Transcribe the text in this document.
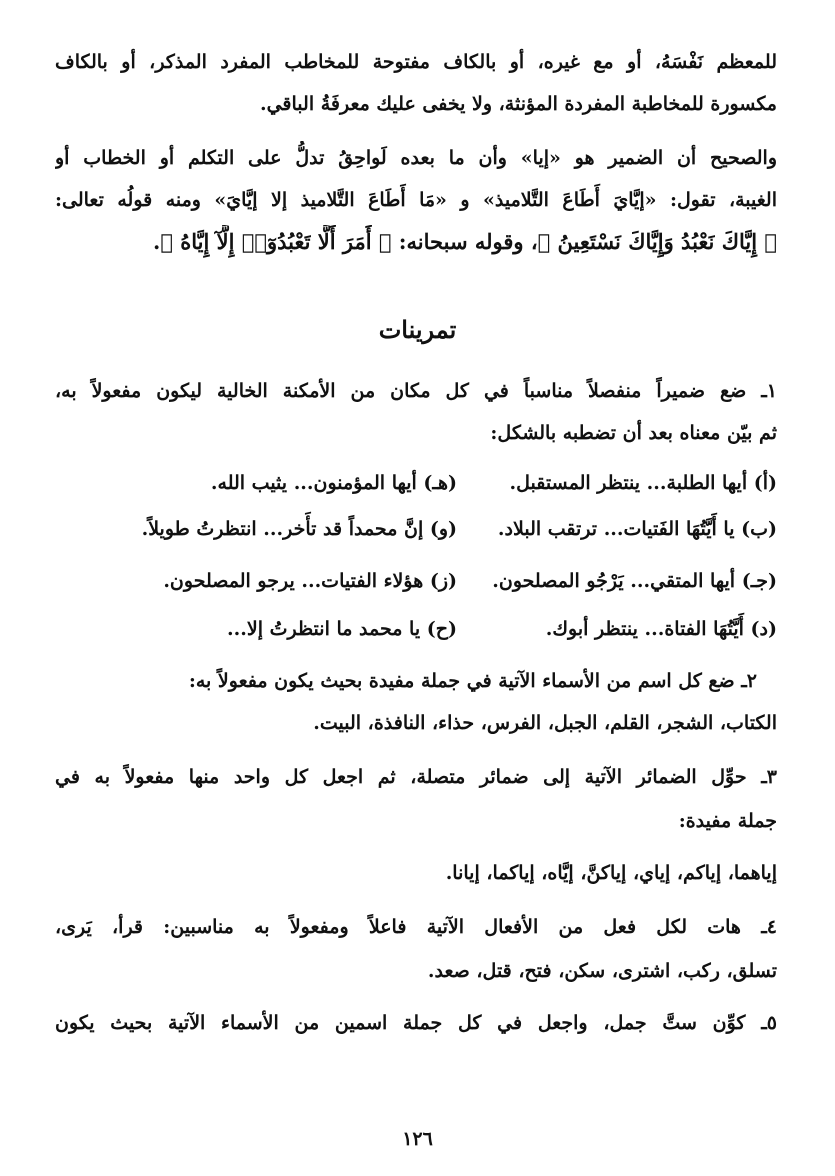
للمعظم نَفْسَهُ، أو مع غيره، أو بالكاف مفتوحة للمخاطب المفرد المذكر، أو بالكاف
مكسورة للمخاطبة المفردة المؤنثة، ولا يخفى عليك معرفَةُ الباقي.
والصحيح أن الضمير هو «إيا» وأن ما بعده لَواحِقُ تدلُّ على التكلم أو الخطاب أو
الغيبة، تقول: «إيَّايَ أَطَاعَ التَّلاميذ» و «مَا أَطَاعَ التَّلاميذ إلا إيَّايَ» ومنه قولُه تعالى:
﴿ إِيَّاكَ نَعْبُدُ وَإِيَّاكَ نَسْتَعِينُ ﴾، وقوله سبحانه: ﴿ أَمَرَ أَلَّا تَعْبُدُوٓا۟ إِلَّآ إِيَّاهُ ﴾.
تمرينات
١ـ ضع ضميراً منفصلاً مناسباً في كل مكان من الأمكنة الخالية ليكون مفعولاً به،
ثم بيّن معناه بعد أن تضطبه بالشكل:
(أ) أيها الطلبة... ينتظر المستقبل.
(هـ) أيها المؤمنون... يثيب الله.
(ب) يا أَيَّتُهَا الفَتيات... ترتقب البلاد.
(و) إنَّ محمداً قد تأَخر... انتظرتُ طويلاً.
(جـ) أيها المتقي... يَرْجُو المصلحون.
(ز) هؤلاء الفتيات... يرجو المصلحون.
(د) أَيَّتُهَا الفتاة... ينتظر أبوك.
(ح) يا محمد ما انتظرتُ إلا...
٢ـ ضع كل اسم من الأسماء الآتية في جملة مفيدة بحيث يكون مفعولاً به:
الكتاب، الشجر، القلم، الجبل، الفرس، حذاء، النافذة، البيت.
٣ـ حوِّل الضمائر الآتية إلى ضمائر متصلة، ثم اجعل كل واحد منها مفعولاً به في
جملة مفيدة:
إياهما، إياكم، إياي، إياكنَّ، إيَّاه، إياكما، إيانا.
٤ـ هات لكل فعل من الأفعال الآتية فاعلاً ومفعولاً به مناسبين: قرأ، يَرى،
تسلق، ركب، اشترى، سكن، فتح، قتل، صعد.
٥ـ كوِّن ستَّ جمل، واجعل في كل جملة اسمين من الأسماء الآتية بحيث يكون
١٢٦
